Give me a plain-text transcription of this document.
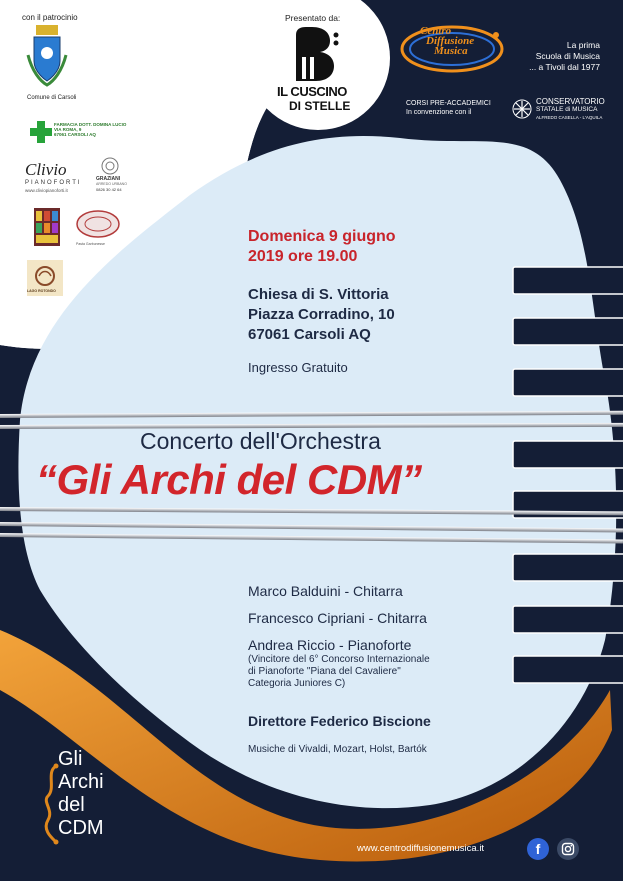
con il patrocinio
Comune di Carsoli
FARMACIA DOTT. DOMINA LUCIO
VIA ROMA, 9
67061 CARSOLI AQ
Clivio
PIANOFORTI
www.cliviopianoforti.it
GRAZIANI
ARREDO URBANO
0826 30 42 64
Pasta Garbunesse
LAGO ROTONDO
Presentato da:
IL CUSCINO
DI STELLE
Centro
Diffusione
Musica	La prima
Scuola di Musica
... a Tivoli dal 1977
CORSI PRE-ACCADEMICI
In convenzione con il
CONSERVATORIO
STATALE di MUSICA
ALFREDO CASELLA - L'AQUILA
Domenica 9 giugno
2019 ore 19.00
Chiesa di S. Vittoria
Piazza Corradino, 10
67061 Carsoli AQ
Ingresso Gratuito
Concerto dell'Orchestra
“Gli Archi del CDM”
Marco Balduini - Chitarra
Francesco Cipriani - Chitarra
Andrea Riccio - Pianoforte
(Vincitore del 6° Concorso Internazionale
di Pianoforte "Piana del Cavaliere"
Categoria Juniores C)
Direttore Federico Biscione
Musiche di Vivaldi, Mozart, Holst, Bartók
Gli
Archi
del
CDM
www.centrodiffusionemusica.it	f
